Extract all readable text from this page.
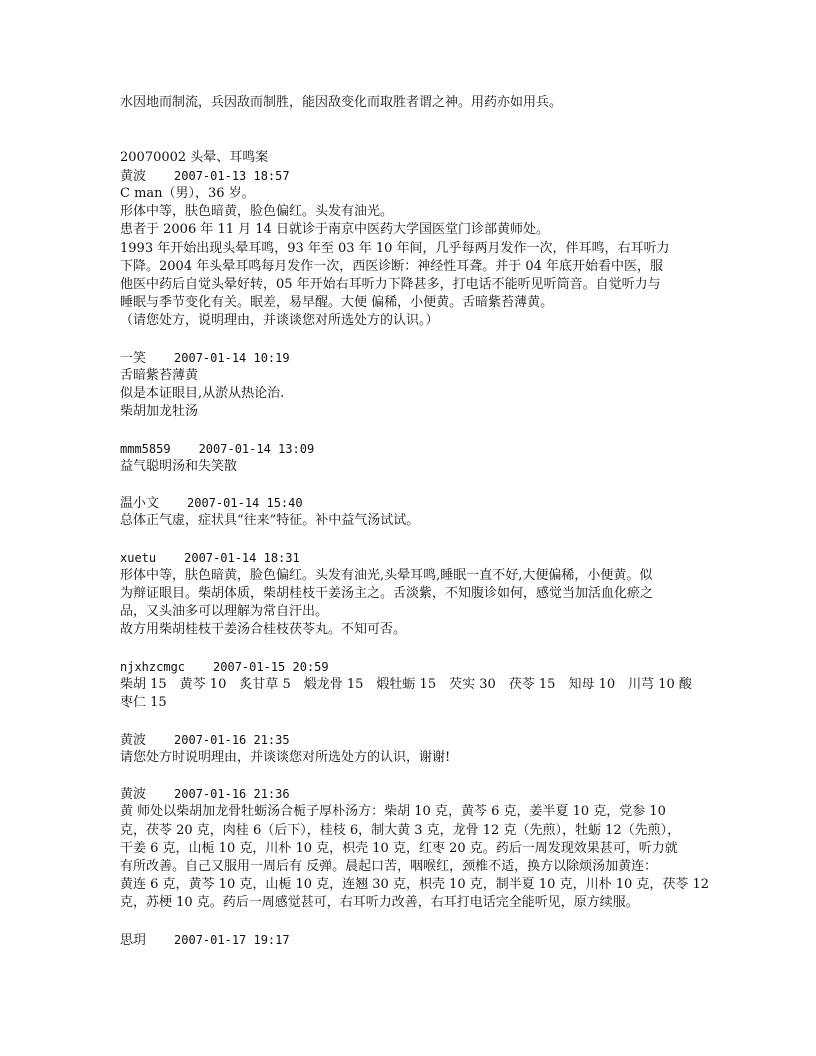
水因地而制流，兵因敌而制胜，能因敌变化而取胜者谓之神。用药亦如用兵。
20070002 头晕、耳鸣案
黄波 2007-01-13 18:57
C man（男），36 岁。
形体中等，肤色暗黄，脸色偏红。头发有油光。
患者于 2006 年 11 月 14 日就诊于南京中医药大学国医堂门诊部黄师处。
1993 年开始出现头晕耳鸣，93 年至 03 年 10 年间，几乎每两月发作一次，伴耳鸣，右耳听力
下降。2004 年头晕耳鸣每月发作一次，西医诊断：神经性耳聋。并于 04 年底开始看中医，服
他医中药后自觉头晕好转，05 年开始右耳听力下降甚多，打电话不能听见听筒音。自觉听力与
睡眠与季节变化有关。眠差，易早醒。大便 偏稀，小便黄。舌暗紫苔薄黄。
（请您处方，说明理由，并谈谈您对所选处方的认识。）
一笑 2007-01-14 10:19
舌暗紫苔薄黄
似是本证眼目,从淤从热论治.
柴胡加龙牡汤
mmm5859 2007-01-14 13:09
益气聪明汤和失笑散
温小文 2007-01-14 15:40
总体正气虚，症状具“往来”特征。补中益气汤试试。
xuetu 2007-01-14 18:31
形体中等，肤色暗黄，脸色偏红。头发有油光,头晕耳鸣,睡眠一直不好,大便偏稀，小便黄。似
为辩证眼目。柴胡体质，柴胡桂枝干姜汤主之。舌淡紫，不知腹诊如何，感觉当加活血化瘀之
品，又头油多可以理解为常自汗出。
故方用柴胡桂枝干姜汤合桂枝茯苓丸。不知可否。
njxhzcmgc 2007-01-15 20:59
柴胡 15　黄芩 10　炙甘草 5　煅龙骨 15　煅牡蛎 15　芡实 30　茯苓 15　知母 10　川芎 10 酸
枣仁 15
黄波 2007-01-16 21:35
请您处方时说明理由，并谈谈您对所选处方的认识，谢谢!
黄波 2007-01-16 21:36
黄 师处以柴胡加龙骨牡蛎汤合栀子厚朴汤方：柴胡 10 克，黄芩 6 克，姜半夏 10 克，党参 10
克，茯苓 20 克，肉桂 6（后下），桂枝 6，制大黄 3 克，龙骨 12 克（先煎），牡蛎 12（先煎），
干姜 6 克，山栀 10 克，川朴 10 克，枳壳 10 克，红枣 20 克。药后一周发现效果甚可，听力就
有所改善。自己又服用一周后有 反弹。晨起口苦，咽喉红，颈椎不适，换方以除烦汤加黄连：
黄连 6 克，黄芩 10 克，山栀 10 克，连翘 30 克，枳壳 10 克，制半夏 10 克，川朴 10 克，茯苓 12
克，苏梗 10 克。药后一周感觉甚可，右耳听力改善，右耳打电话完全能听见，原方续服。
思玥 2007-01-17 19:17
